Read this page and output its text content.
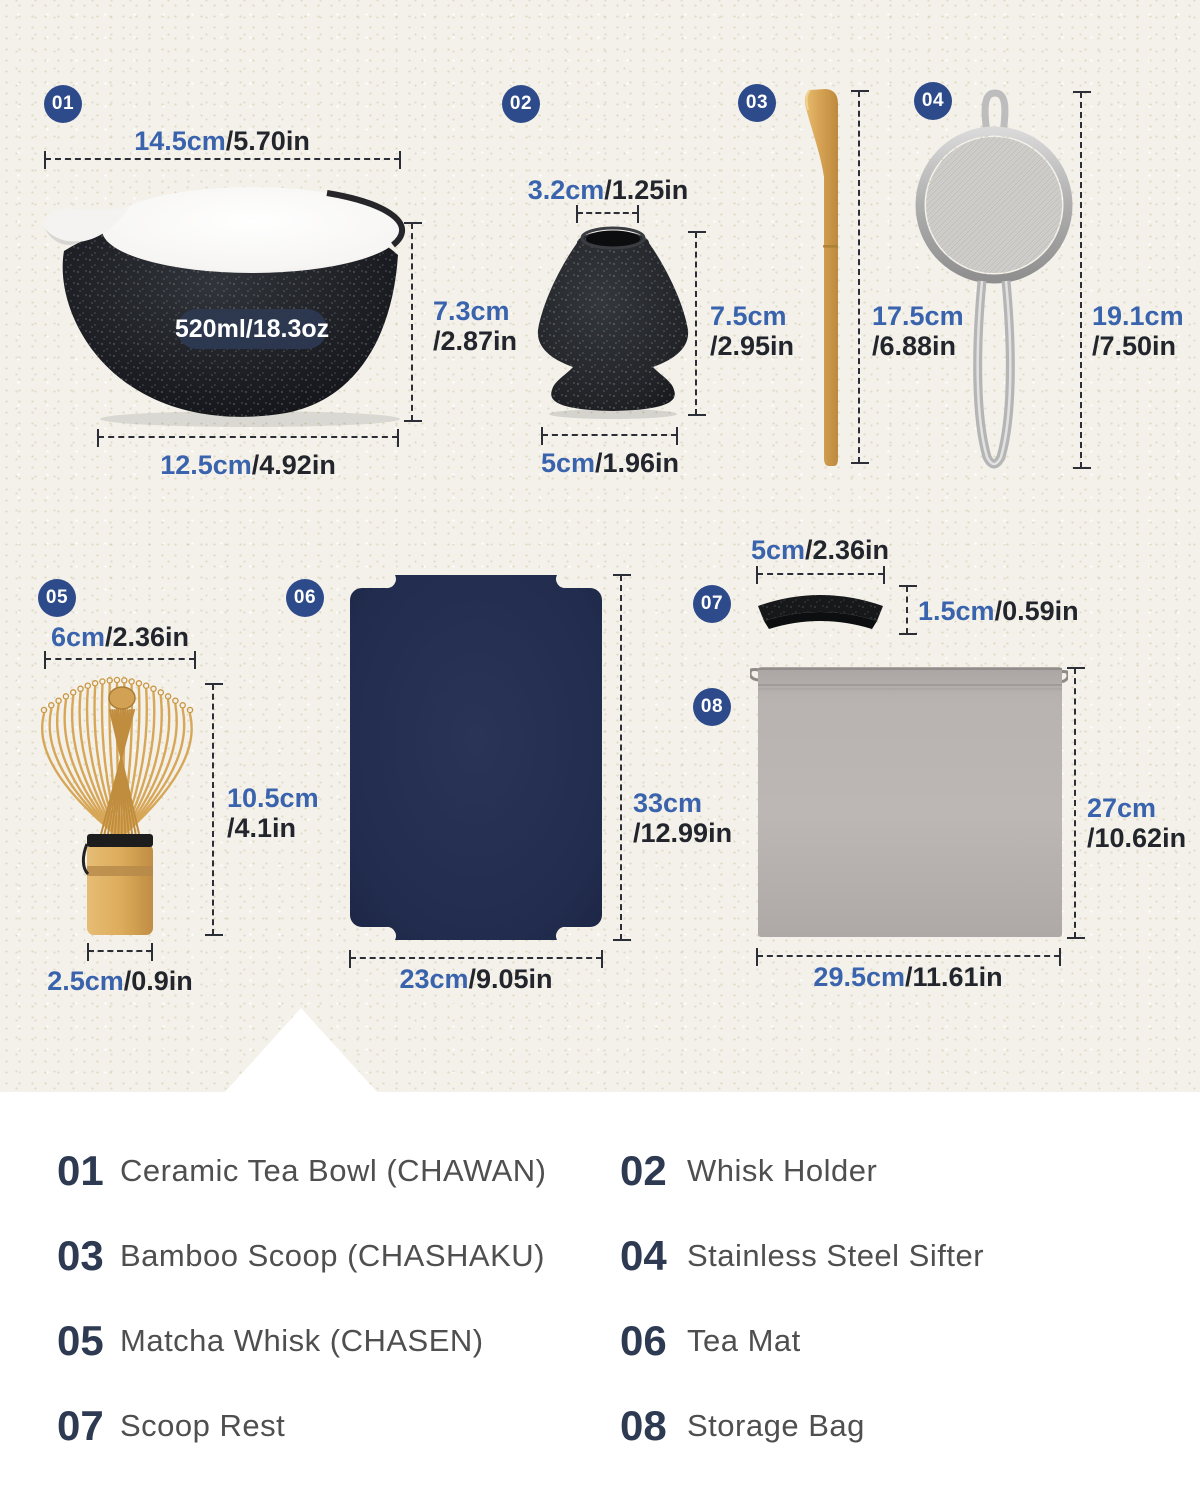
01	02	03	04
05	06	07
08
520ml /18.3oz
14.5cm/5.70in
7.3cm
/2.87in
12.5cm/4.92in
3.2cm/1.25in
7.5cm
/2.95in
5cm/1.96in
17.5cm
/6.88in
19.1cm
/7.50in
6cm/2.36in
10.5cm
/4.1in
2.5cm/0.9in
33cm
/12.99in
23cm/9.05in
5cm/2.36in
1.5cm/0.59in
27cm
/10.62in
29.5cm/11.61in
01 Ceramic Tea Bowl (CHAWAN) 02 Whisk Holder
03 Bamboo Scoop (CHASHAKU) 04 Stainless Steel Sifter
05 Matcha Whisk (CHASEN)	06 Tea Mat
07 Scoop Rest	08 Storage Bag
